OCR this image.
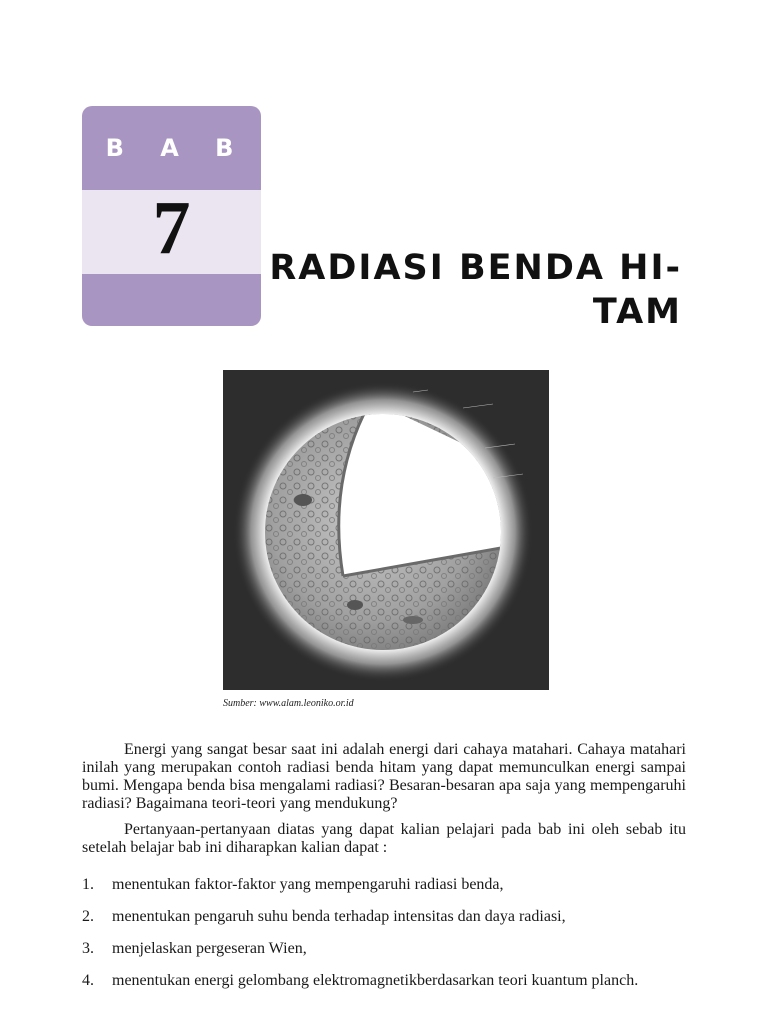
B A B
7	RADIASI BENDA HI-
TAM
Sumber: www.alam.leoniko.or.id

Energi yang sangat besar saat ini adalah energi dari cahaya matahari. Cahaya matahari inilah yang merupakan contoh radiasi benda hitam yang dapat memunculkan energi sampai bumi. Mengapa benda bisa mengalami radiasi? Besaran-besaran apa saja yang mempengaruhi radiasi? Bagaimana teori-teori yang mendukung?

Pertanyaan-pertanyaan diatas yang dapat kalian pelajari pada bab ini oleh sebab itu setelah belajar bab ini diharapkan kalian dapat :

1.	menentukan faktor-faktor yang mempengaruhi radiasi benda,
2.	menentukan pengaruh suhu benda terhadap intensitas dan daya radiasi,
3.	menjelaskan pergeseran Wien,
4.	menentukan energi gelombang elektromagnetikberdasarkan teori kuantum planch.
